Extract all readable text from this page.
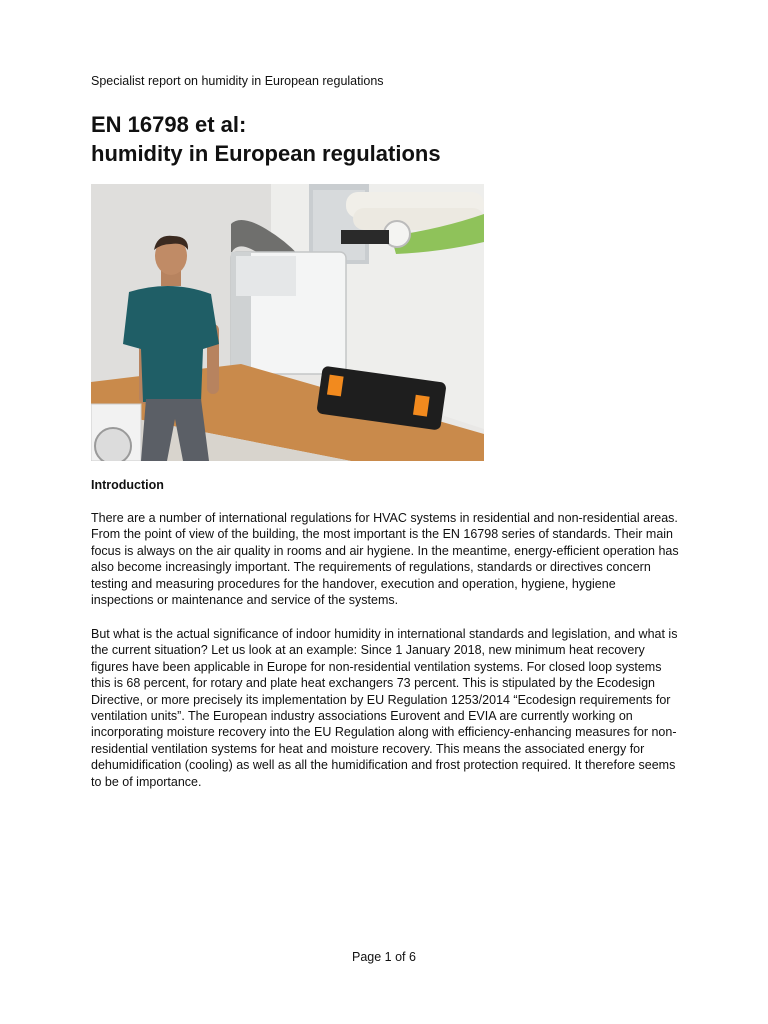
Specialist report on humidity in European regulations
EN 16798 et al:
humidity in European regulations
Introduction

There are a number of international regulations for HVAC systems in residential and non-residential areas. From the point of view of the building, the most important is the EN 16798 series of standards. Their main focus is always on the air quality in rooms and air hygiene. In the meantime, energy-efficient operation has also become increasingly important. The requirements of regulations, standards or directives concern testing and measuring procedures for the handover, execution and operation, hygiene, hygiene inspections or maintenance and service of the systems.

But what is the actual significance of indoor humidity in international standards and legislation, and what is the current situation? Let us look at an example: Since 1 January 2018, new minimum heat recovery figures have been applicable in Europe for non-residential ventilation systems. For closed loop systems this is 68 percent, for rotary and plate heat exchangers 73 percent. This is stipulated by the Ecodesign Directive, or more precisely its implementation by EU Regulation 1253/2014 “Ecodesign requirements for ventilation units”. The European industry associations Eurovent and EVIA are currently working on incorporating moisture recovery into the EU Regulation along with efficiency-enhancing measures for non-residential ventilation systems for heat and moisture recovery. This means the associated energy for dehumidification (cooling) as well as all the humidification and frost protection required. It therefore seems to be of importance.

Page 1 of 6
